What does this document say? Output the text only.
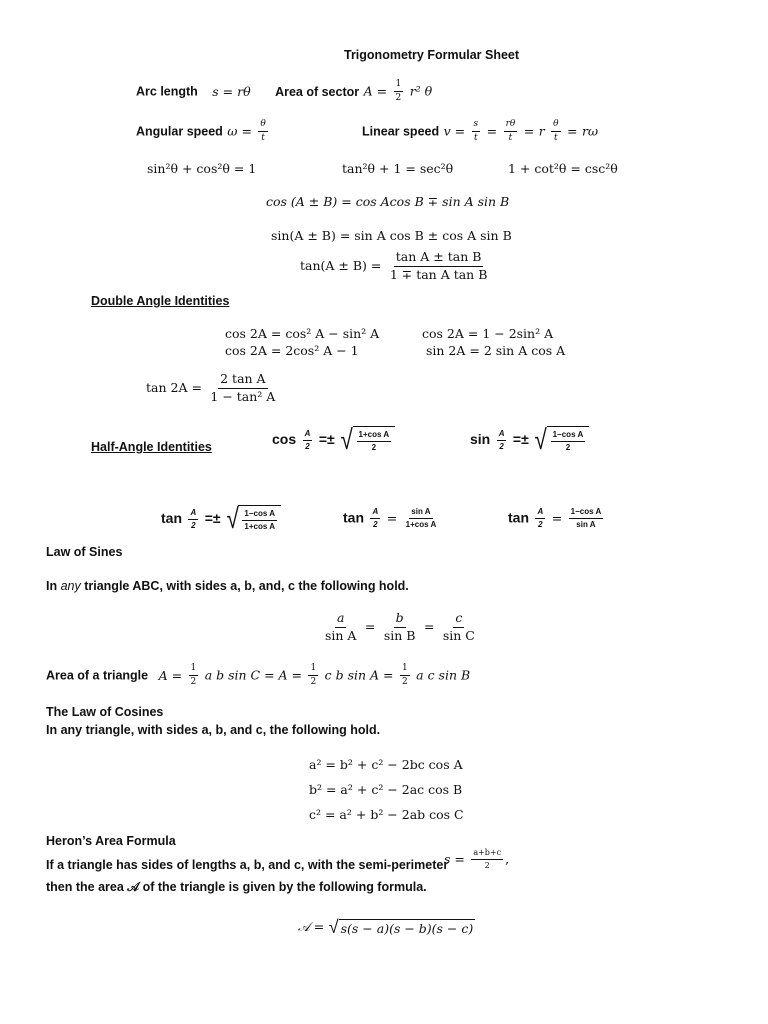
Trigonometry Formular Sheet
Arc length s = rθ Area of sector $A = \frac{1}{2} r^2$ θ
Angular speed $\omega = \frac{\theta}{t}$	Linear speed $v = \frac{s}{t} = \frac{r\theta}{t} = r \frac{\theta}{t} = r\omega$
sin²θ + cos²θ = 1	tan²θ + 1 = sec²θ	1 + cot²θ = csc²θ
cos (A ± B) = cos Acos B ∓ sin A sin B
sin(A ± B) = sin A cos B ± cos A sin B
$\tan(A \pm B) = \frac{\text{tan A ± tan B}}{\text{1 ∓ tan A tan B}}$
Double Angle Identities
cos 2A = cos² A − sin² A
cos 2A = 2cos² A − 1
cos 2A = 1 − 2sin² A
sin 2A = 2 sin A cos A
$\tan 2A = \frac{\text{2 tan A}}{\text{1 − tan² A}}$
Half-Angle Identities	$\cos \frac{A}{2}$ =± √ $\frac{\text{1+cos A}}{2}$	$\sin \frac{A}{2}$ =± √ $\frac{\text{1−cos A}}{2}$
$\tan \frac{A}{2}$ =± √ $\frac{\text{1−cos A}}{\text{1+cos A}}$	$\tan \frac{A}{2} = \frac{\text{sin A}}{\text{1+cos A}}$	$\tan \frac{A}{2} = \frac{\text{1−cos A}}{\text{sin A}}$
Law of Sines
In any triangle ABC, with sides a, b, and, c the following hold.
$\frac{a}{\text{sin A}} = \frac{b}{\text{sin B}} = \frac{c}{\text{sin C}}$
Area of a triangle $A = \frac{1}{2}$ a b $\sin C = A = \frac{1}{2}$ c b $\sin A = \frac{1}{2}$ a c sin B
The Law of Cosines
In any triangle, with sides a, b, and c, the following hold.
a² = b² + c² − 2bc cos A
b² = a² + c² − 2ac cos B
c² = a² + b² − 2ab cos C
Heron’s Area Formula
If a triangle has sides of lengths a, b, and c, with the semi-perimeter
$s = \frac{a+b+c}{2}$ ,
then the area 𝒜 of the triangle is given by the following formula.
𝒜 = √ s(s − a)(s − b)(s − c)
